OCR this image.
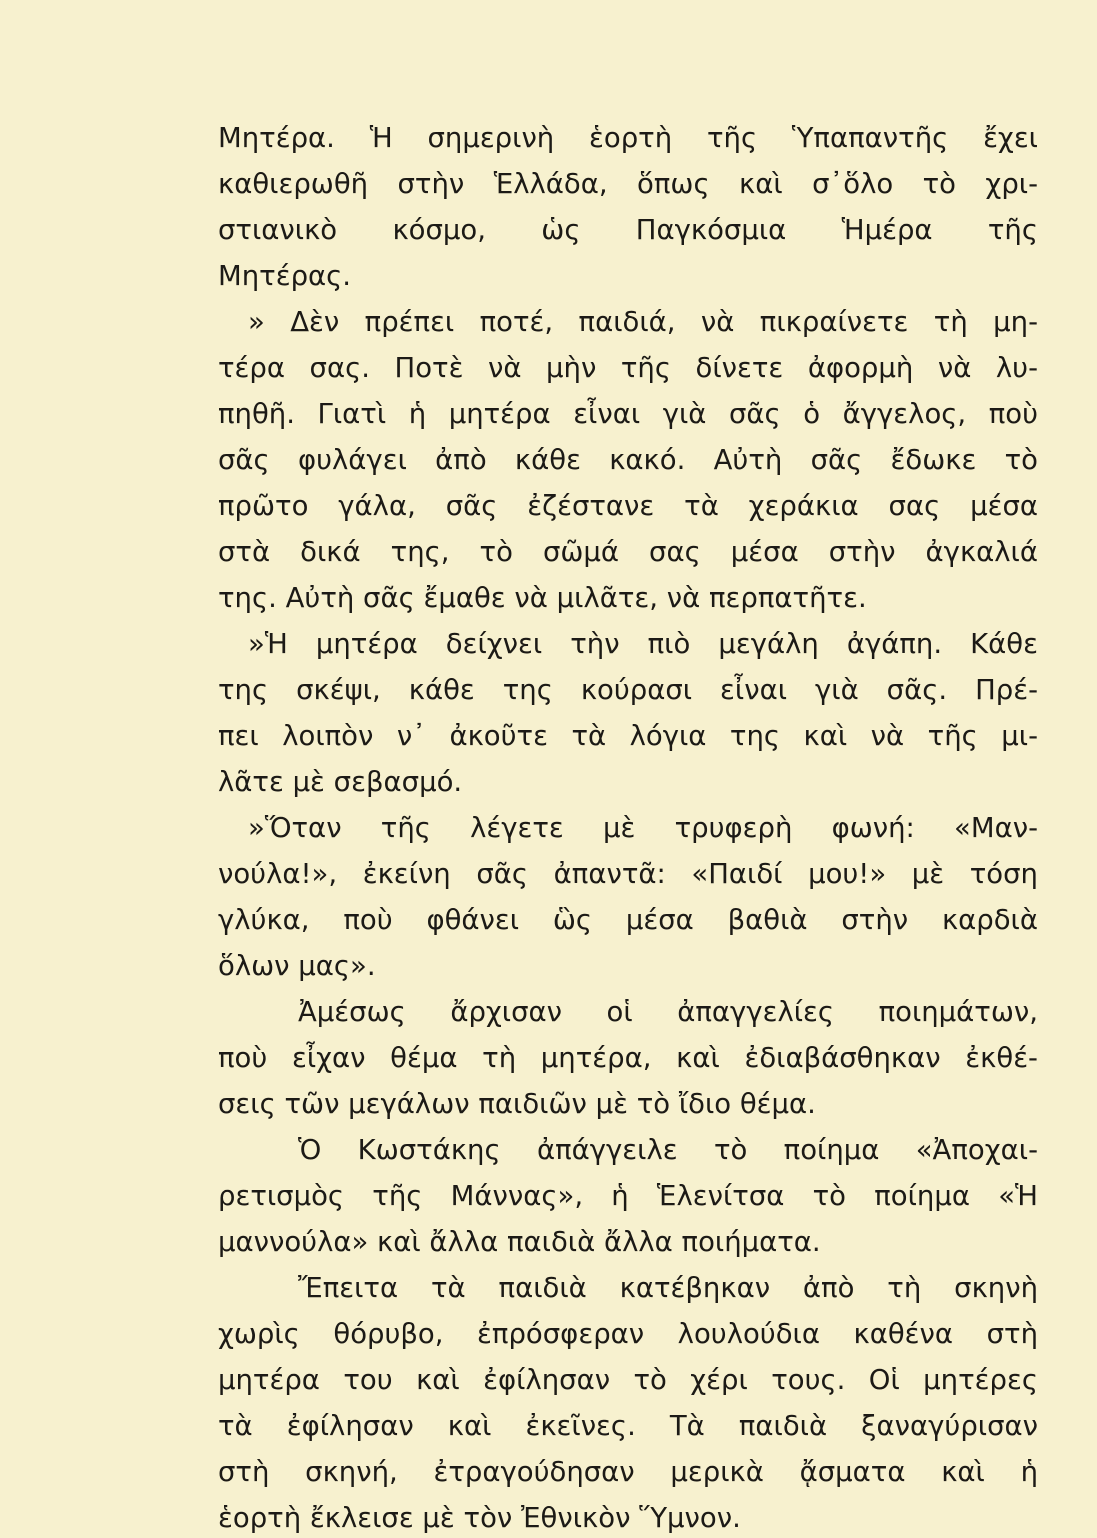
Μητέρα. Ἡ σημερινὴ ἑορτὴ τῆς Ὑπαπαντῆς ἔχει
καθιερωθῆ στὴν Ἑλλάδα, ὅπως καὶ σ᾽ὅλο τὸ χρι-
στιανικὸ κόσμο, ὡς Παγκόσμια Ἡμέρα τῆς
Μητέρας.
» Δὲν πρέπει ποτέ, παιδιά, νὰ πικραίνετε τὴ μη-
τέρα σας. Ποτὲ νὰ μὴν τῆς δίνετε ἀφορμὴ νὰ λυ-
πηθῆ. Γιατὶ ἡ μητέρα εἶναι γιὰ σᾶς ὁ ἄγγελος, ποὺ
σᾶς φυλάγει ἀπὸ κάθε κακό. Αὐτὴ σᾶς ἔδωκε τὸ
πρῶτο γάλα, σᾶς ἐζέστανε τὰ χεράκια σας μέσα
στὰ δικά της, τὸ σῶμά σας μέσα στὴν ἀγκαλιά
της. Αὐτὴ σᾶς ἔμαθε νὰ μιλᾶτε, νὰ περπατῆτε.
»Ἡ μητέρα δείχνει τὴν πιὸ μεγάλη ἀγάπη. Κάθε
της σκέψι, κάθε της κούρασι εἶναι γιὰ σᾶς. Πρέ-
πει λοιπὸν ν᾽ ἀκοῦτε τὰ λόγια της καὶ νὰ τῆς μι-
λᾶτε μὲ σεβασμό.
»Ὅταν τῆς λέγετε μὲ τρυφερὴ φωνή: «Μαν-
νούλα!», ἐκείνη σᾶς ἀπαντᾶ: «Παιδί μου!» μὲ τόση
γλύκα, ποὺ φθάνει ὣς μέσα βαθιὰ στὴν καρδιὰ
ὅλων μας».
Ἀμέσως ἄρχισαν οἱ ἀπαγγελίες ποιημάτων,
ποὺ εἶχαν θέμα τὴ μητέρα, καὶ ἐδιαβάσθηκαν ἐκθέ-
σεις τῶν μεγάλων παιδιῶν μὲ τὸ ἴδιο θέμα.
Ὁ Κωστάκης ἀπάγγειλε τὸ ποίημα «Ἀποχαι-
ρετισμὸς τῆς Μάννας», ἡ Ἑλενίτσα τὸ ποίημα «Ἡ
μαννούλα» καὶ ἄλλα παιδιὰ ἄλλα ποιήματα.
Ἔπειτα τὰ παιδιὰ κατέβηκαν ἀπὸ τὴ σκηνὴ
χωρὶς θόρυβο, ἐπρόσφεραν λουλούδια καθένα στὴ
μητέρα του καὶ ἐφίλησαν τὸ χέρι τους. Οἱ μητέρες
τὰ ἐφίλησαν καὶ ἐκεῖνες. Τὰ παιδιὰ ξαναγύρισαν
στὴ σκηνή, ἐτραγούδησαν μερικὰ ᾄσματα καὶ ἡ
ἑορτὴ ἔκλεισε μὲ τὸν Ἐθνικὸν Ὕμνον.
